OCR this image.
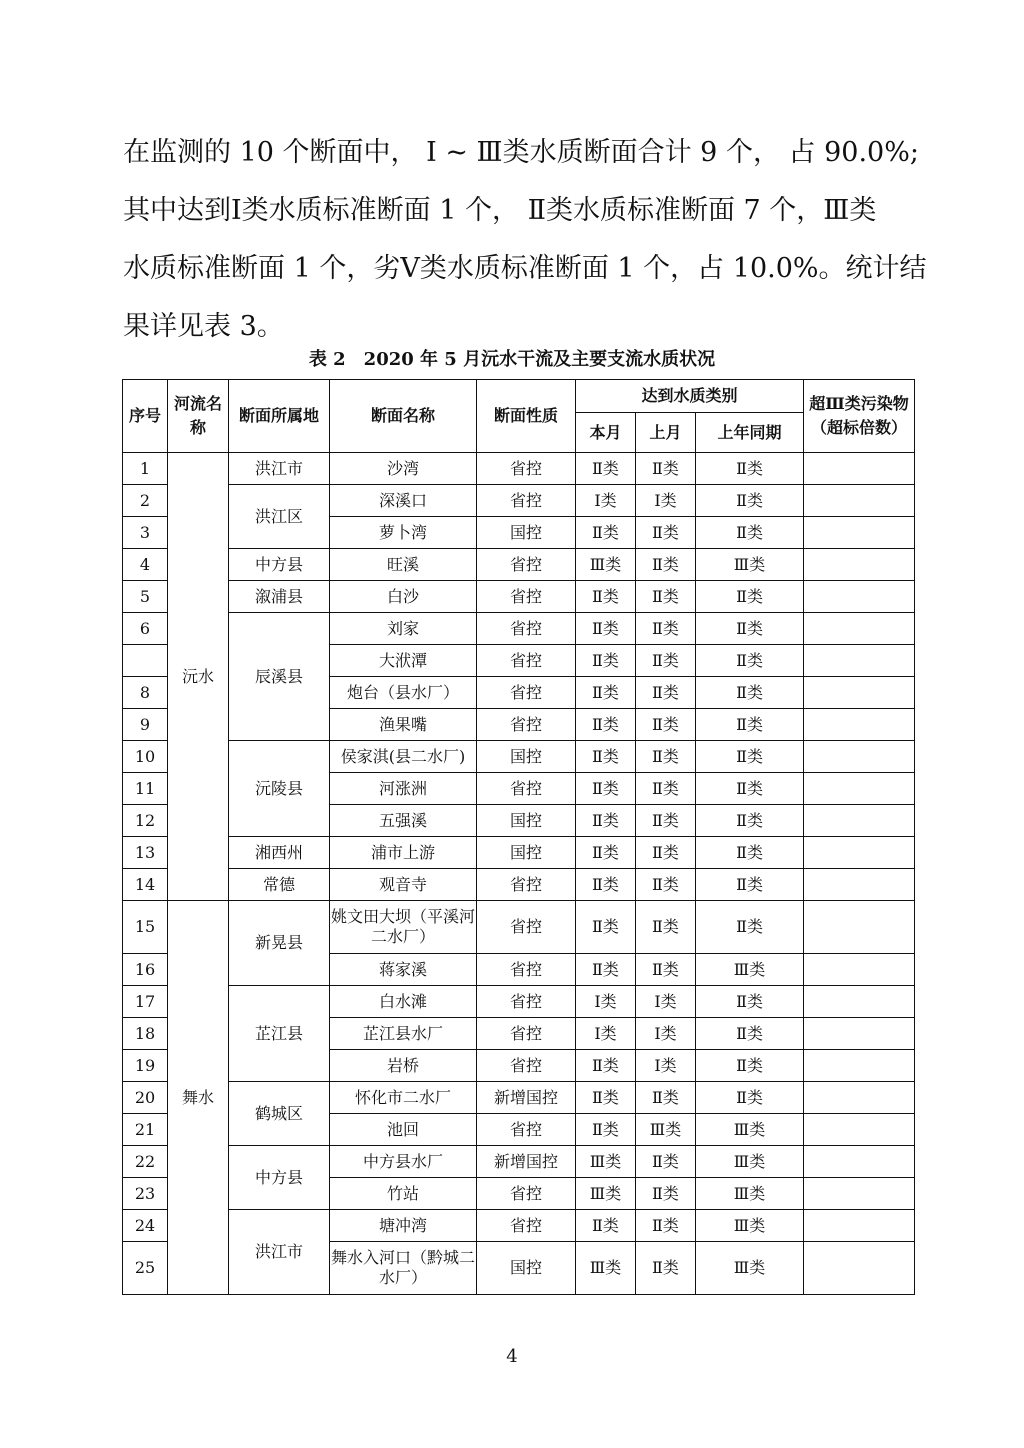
在监测的 10 个断面中， Ⅰ ~ Ⅲ类水质断面合计 9 个， 占 90.0%;
其中达到Ⅰ类水质标准断面 1 个， Ⅱ类水质标准断面 7 个，Ⅲ类
水质标准断面 1 个，劣Ⅴ类水质标准断面 1 个，占 10.0%。统计结
果详见表 3。
表 2　2020 年 5 月沅水干流及主要支流水质状况
序号	河流名称	断面所属地	断面名称	断面性质	达到水质类别			超Ⅲ类污染物（超标倍数）
					本月	上月	上年同期	
1	沅水	洪江市	沙湾	省控	Ⅱ类	Ⅱ类	Ⅱ类	
2		洪江区	深溪口	省控	Ⅰ类	Ⅰ类	Ⅱ类	
3			萝卜湾	国控	Ⅱ类	Ⅱ类	Ⅱ类	
4		中方县	旺溪	省控	Ⅲ类	Ⅱ类	Ⅲ类	
5		溆浦县	白沙	省控	Ⅱ类	Ⅱ类	Ⅱ类	
6		辰溪县	刘家	省控	Ⅱ类	Ⅱ类	Ⅱ类	
			大洑潭	省控	Ⅱ类	Ⅱ类	Ⅱ类	
8			炮台（县水厂）	省控	Ⅱ类	Ⅱ类	Ⅱ类	
9			渔果嘴	省控	Ⅱ类	Ⅱ类	Ⅱ类	
10		沅陵县	侯家淇(县二水厂)	国控	Ⅱ类	Ⅱ类	Ⅱ类	
11			河涨洲	省控	Ⅱ类	Ⅱ类	Ⅱ类	
12			五强溪	国控	Ⅱ类	Ⅱ类	Ⅱ类	
13		湘西州	浦市上游	国控	Ⅱ类	Ⅱ类	Ⅱ类	
14		常德	观音寺	省控	Ⅱ类	Ⅱ类	Ⅱ类	
15	舞水	新晃县	姚文田大坝（平溪河二水厂）	省控	Ⅱ类	Ⅱ类	Ⅱ类	
16			蒋家溪	省控	Ⅱ类	Ⅱ类	Ⅲ类	
17		芷江县	白水滩	省控	Ⅰ类	Ⅰ类	Ⅱ类	
18			芷江县水厂	省控	Ⅰ类	Ⅰ类	Ⅱ类	
19			岩桥	省控	Ⅱ类	Ⅰ类	Ⅱ类	
20		鹤城区	怀化市二水厂	新增国控	Ⅱ类	Ⅱ类	Ⅱ类	
21			池回	省控	Ⅱ类	Ⅲ类	Ⅲ类	
22		中方县	中方县水厂	新增国控	Ⅲ类	Ⅱ类	Ⅲ类	
23			竹站	省控	Ⅲ类	Ⅱ类	Ⅲ类	
24		洪江市	塘冲湾	省控	Ⅱ类	Ⅱ类	Ⅲ类	
25			舞水入河口（黔城二水厂）	国控	Ⅲ类	Ⅱ类	Ⅲ类	
4
